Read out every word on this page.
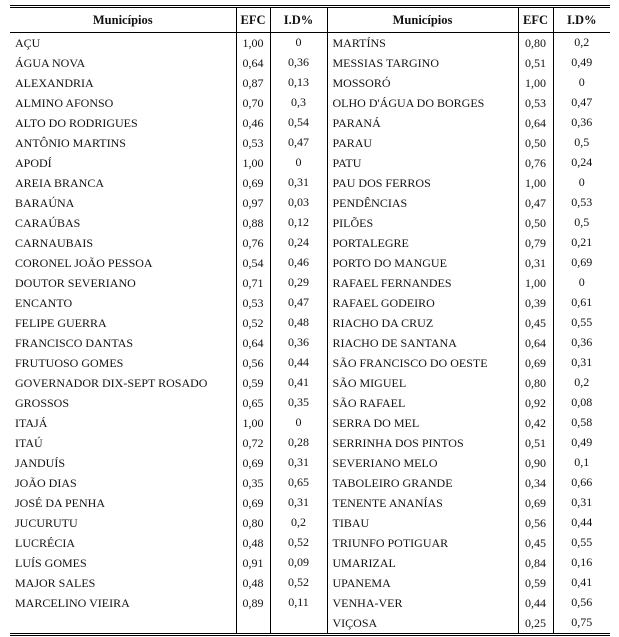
Municípios	EFC	I.D%	Municípios	EFC	I.D%
AÇU	1,00	0	MARTÍNS	0,80	0,2
ÁGUA NOVA	0,64	0,36	MESSIAS TARGINO	0,51	0,49
ALEXANDRIA	0,87	0,13	MOSSORÓ	1,00	0
ALMINO AFONSO	0,70	0,3	OLHO D'ÁGUA DO BORGES	0,53	0,47
ALTO DO RODRIGUES	0,46	0,54	PARANÁ	0,64	0,36
ANTÔNIO MARTINS	0,53	0,47	PARAU	0,50	0,5
APODÍ	1,00	0	PATU	0,76	0,24
AREIA BRANCA	0,69	0,31	PAU DOS FERROS	1,00	0
BARAÚNA	0,97	0,03	PENDÊNCIAS	0,47	0,53
CARAÚBAS	0,88	0,12	PILÕES	0,50	0,5
CARNAUBAIS	0,76	0,24	PORTALEGRE	0,79	0,21
CORONEL JOÃO PESSOA	0,54	0,46	PORTO DO MANGUE	0,31	0,69
DOUTOR SEVERIANO	0,71	0,29	RAFAEL FERNANDES	1,00	0
ENCANTO	0,53	0,47	RAFAEL GODEIRO	0,39	0,61
FELIPE GUERRA	0,52	0,48	RIACHO DA CRUZ	0,45	0,55
FRANCISCO DANTAS	0,64	0,36	RIACHO DE SANTANA	0,64	0,36
FRUTUOSO GOMES	0,56	0,44	SÃO FRANCISCO DO OESTE	0,69	0,31
GOVERNADOR DIX-SEPT ROSADO	0,59	0,41	SÃO MIGUEL	0,80	0,2
GROSSOS	0,65	0,35	SÃO RAFAEL	0,92	0,08
ITAJÁ	1,00	0	SERRA DO MEL	0,42	0,58
ITAÚ	0,72	0,28	SERRINHA DOS PINTOS	0,51	0,49
JANDUÍS	0,69	0,31	SEVERIANO MELO	0,90	0,1
JOÃO DIAS	0,35	0,65	TABOLEIRO GRANDE	0,34	0,66
JOSÉ DA PENHA	0,69	0,31	TENENTE ANANÍAS	0,69	0,31
JUCURUTU	0,80	0,2	TIBAU	0,56	0,44
LUCRÉCIA	0,48	0,52	TRIUNFO POTIGUAR	0,45	0,55
LUÍS GOMES	0,91	0,09	UMARIZAL	0,84	0,16
MAJOR SALES	0,48	0,52	UPANEMA	0,59	0,41
MARCELINO VIEIRA	0,89	0,11	VENHA-VER	0,44	0,56
			VIÇOSA	0,25	0,75
